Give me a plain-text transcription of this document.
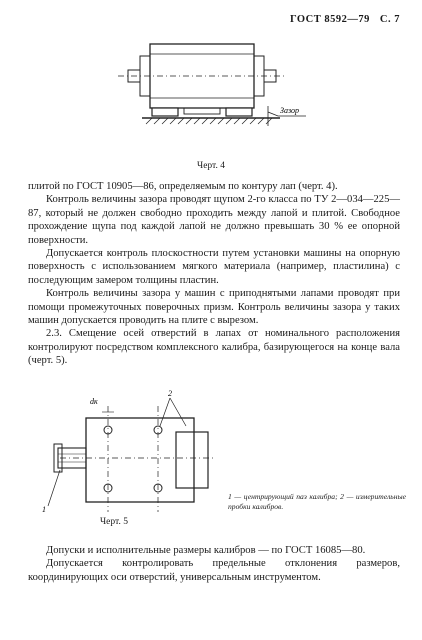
ГОСТ 8592—79 С. 7
Зазор
Черт. 4

плитой по ГОСТ 10905—86, определяемым по контуру лап (черт. 4).

Контроль величины зазора проводят щупом 2-го класса по ТУ 2—034—225—87, который не должен свободно проходить между лапой и плитой. Свободное прохождение щупа под каждой лапой не должно превышать 30 % ее опорной поверхности.

Допускается контроль плоскостности путем установки машины на опорную поверхность с использованием мягкого материала (например, пластилина) с последующим замером толщины пластин.

Контроль величины зазора у машин с приподнятыми лапами проводят при помощи промежуточных поверочных призм. Контроль величины зазора у таких машин допускается проводить на плите с вырезом.

2.3. Смещение осей отверстий в лапах от номинального расположения контролируют посредством комплексного калибра, базирующегося на конце вала (черт. 5).

dк
2
1
Черт. 5
1 — центрирующий паз калибра; 2 — измерительные пробки калибров.

Допуски и исполнительные размеры калибров — по ГОСТ 16085—80.

Допускается контролировать предельные отклонения размеров, координирующих оси отверстий, универсальным инструментом.
